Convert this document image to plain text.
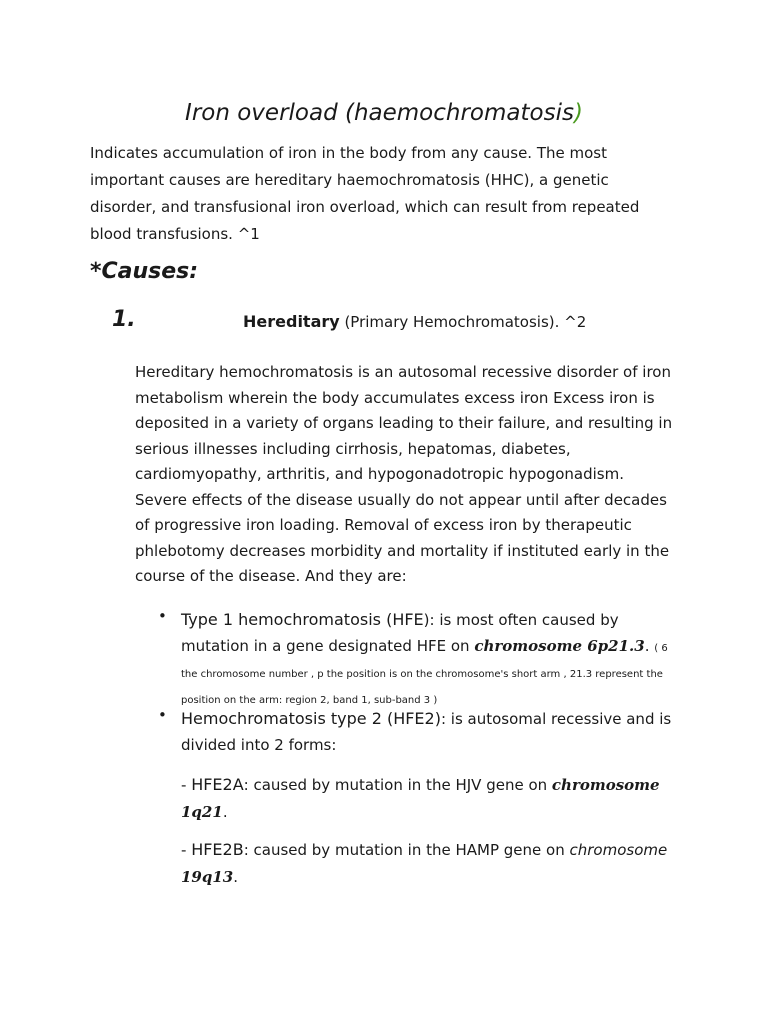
Iron overload (haemochromatosis)
Indicates accumulation of iron in the body from any cause. The most important causes are hereditary haemochromatosis (HHC), a genetic disorder, and transfusional iron overload, which can result from repeated blood transfusions. ^1
*Causes:
1.	Hereditary (Primary Hemochromatosis). ^2
Hereditary hemochromatosis is an autosomal recessive disorder of iron metabolism wherein the body accumulates excess iron Excess iron is deposited in a variety of organs leading to their failure, and resulting in serious illnesses including cirrhosis, hepatomas, diabetes, cardiomyopathy, arthritis, and hypogonadotropic hypogonadism. Severe effects of the disease usually do not appear until after decades of progressive iron loading. Removal of excess iron by therapeutic phlebotomy decreases morbidity and mortality if instituted early in the course of the disease. And they are:
• Type 1 hemochromatosis (HFE): is most often caused by mutation in a gene designated HFE on chromosome 6p21.3. ( 6 the chromosome number , p the position is on the chromosome's short arm , 21.3 represent the position on the arm: region 2, band 1, sub-band 3 )
• Hemochromatosis type 2 (HFE2): is autosomal recessive and is divided into 2 forms:
- HFE2A: caused by mutation in the HJV gene on chromosome 1q21.
- HFE2B: caused by mutation in the HAMP gene on chromosome 19q13.
